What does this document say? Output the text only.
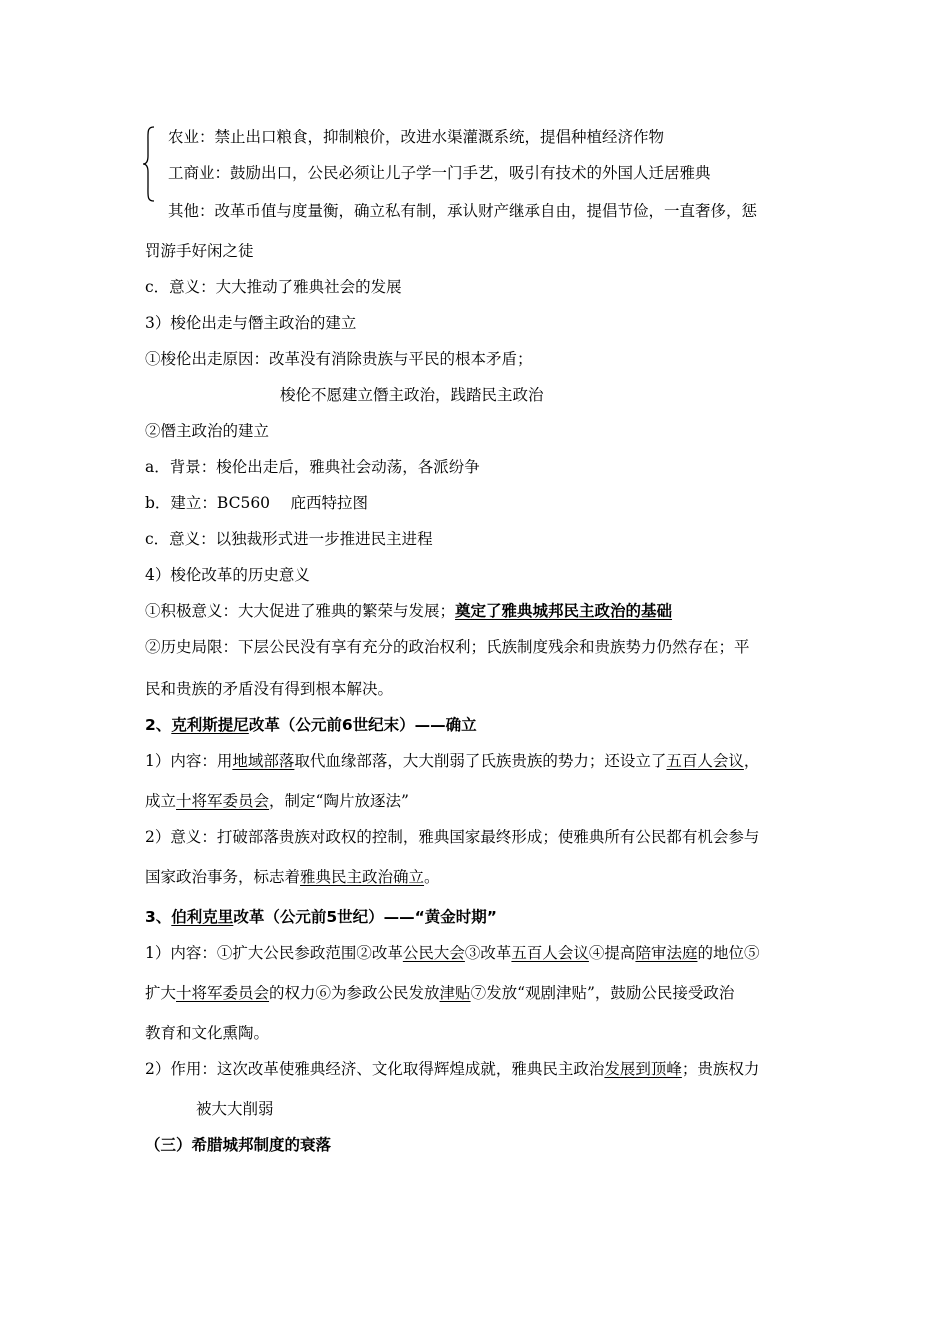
农业：禁止出口粮食，抑制粮价，改进水渠灌溉系统，提倡种植经济作物
工商业：鼓励出口，公民必须让儿子学一门手艺，吸引有技术的外国人迁居雅典
其他：改革币值与度量衡，确立私有制，承认财产继承自由，提倡节俭，一直奢侈，惩
罚游手好闲之徒
c．意义：大大推动了雅典社会的发展
3）梭伦出走与僭主政治的建立
①梭伦出走原因：改革没有消除贵族与平民的根本矛盾；
梭伦不愿建立僭主政治，践踏民主政治
②僭主政治的建立
a．背景：梭伦出走后，雅典社会动荡，各派纷争
b．建立：BC560　 庇西特拉图
c．意义：以独裁形式进一步推进民主进程
4）梭伦改革的历史意义
①积极意义：大大促进了雅典的繁荣与发展；奠定了雅典城邦民主政治的基础
②历史局限：下层公民没有享有充分的政治权利；氏族制度残余和贵族势力仍然存在；平
民和贵族的矛盾没有得到根本解决。
2、克利斯提尼改革（公元前6世纪末）——确立
1）内容：用地域部落取代血缘部落，大大削弱了氏族贵族的势力；还设立了五百人会议，
成立十将军委员会，制定“陶片放逐法”
2）意义：打破部落贵族对政权的控制，雅典国家最终形成；使雅典所有公民都有机会参与
国家政治事务，标志着雅典民主政治确立。
3、伯利克里改革（公元前5世纪）——“黄金时期”
1）内容：①扩大公民参政范围②改革公民大会③改革五百人会议④提高陪审法庭的地位⑤
扩大十将军委员会的权力⑥为参政公民发放津贴⑦发放“观剧津贴”，鼓励公民接受政治
教育和文化熏陶。
2）作用：这次改革使雅典经济、文化取得辉煌成就，雅典民主政治发展到顶峰；贵族权力
被大大削弱
（三）希腊城邦制度的衰落
